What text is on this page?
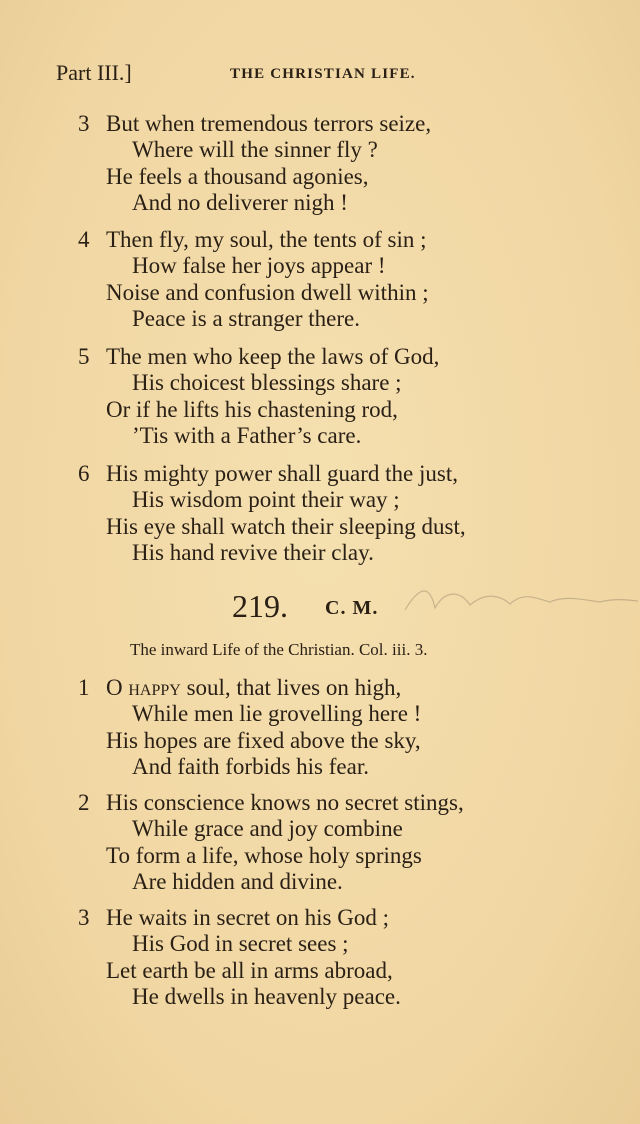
Part III.]	THE CHRISTIAN LIFE.
3 But when tremendous terrors seize,
Where will the sinner fly ?
He feels a thousand agonies,
And no deliverer nigh !
4 Then fly, my soul, the tents of sin ;
How false her joys appear !
Noise and confusion dwell within ;
Peace is a stranger there.
5 The men who keep the laws of God,
His choicest blessings share ;
Or if he lifts his chastening rod,
’Tis with a Father’s care.
6 His mighty power shall guard the just,
His wisdom point their way ;
His eye shall watch their sleeping dust,
His hand revive their clay.
219. C. M.
The inward Life of the Christian. Col. iii. 3.
1 O happy soul, that lives on high,
While men lie grovelling here !
His hopes are fixed above the sky,
And faith forbids his fear.
2 His conscience knows no secret stings,
While grace and joy combine
To form a life, whose holy springs
Are hidden and divine.
3 He waits in secret on his God ;
His God in secret sees ;
Let earth be all in arms abroad,
He dwells in heavenly peace.
